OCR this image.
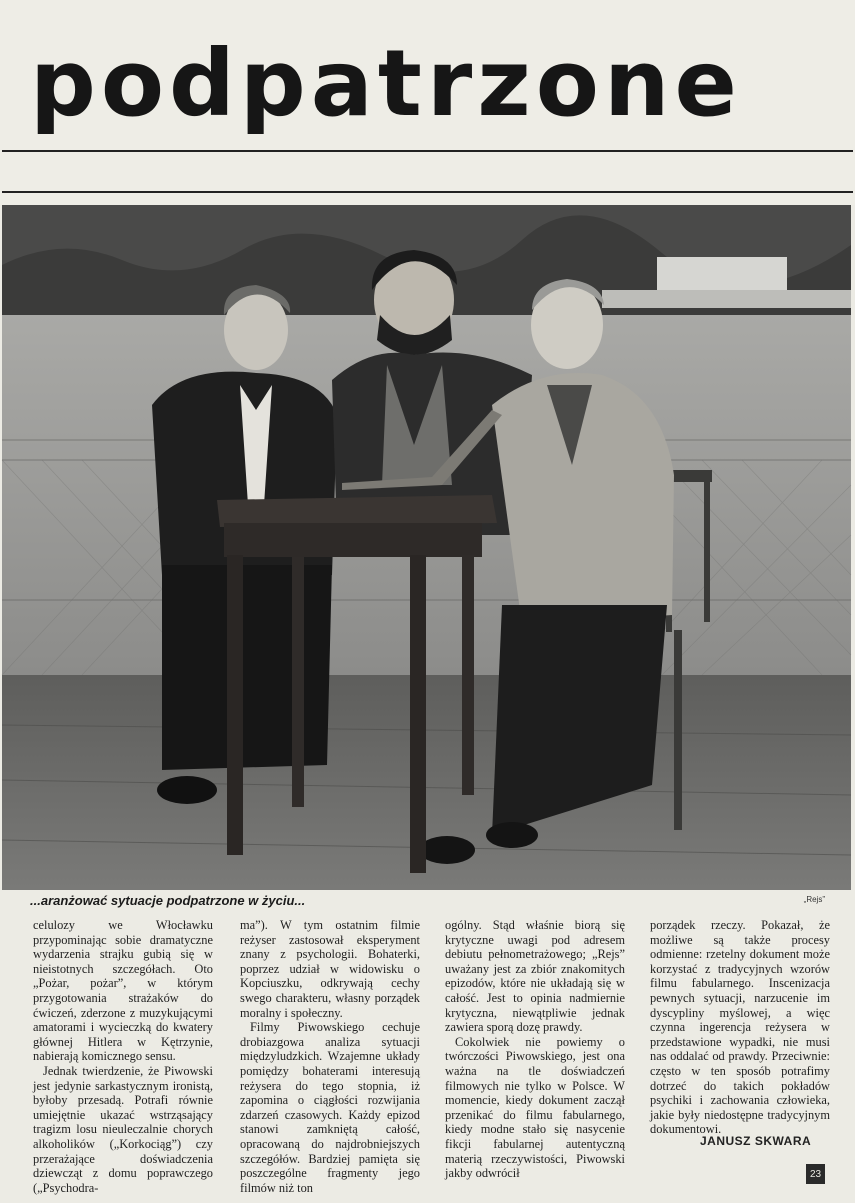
podpatrzone
...aranżować sytuacje podpatrzone w życiu...	„Rejs”

celulozy we Włocławku przypominając sobie dramatyczne wydarzenia strajku gubią się w nieistotnych szczegółach. Oto „Pożar, pożar”, w którym przygotowania strażaków do ćwiczeń, zderzone z muzykującymi amatorami i wycieczką do kwatery głównej Hitlera w Kętrzynie, nabierają komicznego sensu.

Jednak twierdzenie, że Piwowski jest jedynie sarkastycznym ironistą, byłoby przesadą. Potrafi równie umiejętnie ukazać wstrząsający tragizm losu nieuleczalnie chorych alkoholików („Korkociąg”) czy przerażające doświadczenia dziewcząt z domu poprawczego („Psychodra-

ma”). W tym ostatnim filmie reżyser zastosował eksperyment znany z psychologii. Bohaterki, poprzez udział w widowisku o Kopciuszku, odkrywają cechy swego charakteru, własny porządek moralny i społeczny.

Filmy Piwowskiego cechuje drobiazgowa analiza sytuacji międzyludzkich. Wzajemne układy pomiędzy bohaterami interesują reżysera do tego stopnia, iż zapomina o ciągłości rozwijania zdarzeń czasowych. Każdy epizod stanowi zamkniętą całość, opracowaną do najdrobniejszych szczegółów. Bardziej pamięta się poszczególne fragmenty jego filmów niż ton

ogólny. Stąd właśnie biorą się krytyczne uwagi pod adresem debiutu pełnometrażowego; „Rejs” uważany jest za zbiór znakomitych epizodów, które nie układają się w całość. Jest to opinia nadmiernie krytyczna, niewątpliwie jednak zawiera sporą dozę prawdy.

Cokolwiek nie powiemy o twórczości Piwowskiego, jest ona ważna na tle doświadczeń filmowych nie tylko w Polsce. W momencie, kiedy dokument zaczął przenikać do filmu fabularnego, kiedy modne stało się nasycenie fikcji fabularnej autentyczną materią rzeczywistości, Piwowski jakby odwrócił

porządek rzeczy. Pokazał, że możliwe są także procesy odmienne: rzetelny dokument może korzystać z tradycyjnych wzorów filmu fabularnego. Inscenizacja pewnych sytuacji, narzucenie im dyscypliny myślowej, a więc czynna ingerencja reżysera w przedstawione wypadki, nie musi nas oddalać od prawdy. Przeciwnie: często w ten sposób potrafimy dotrzeć do takich pokładów psychiki i zachowania człowieka, jakie były niedostępne tradycyjnym dokumentowi.

JANUSZ SKWARA
23
